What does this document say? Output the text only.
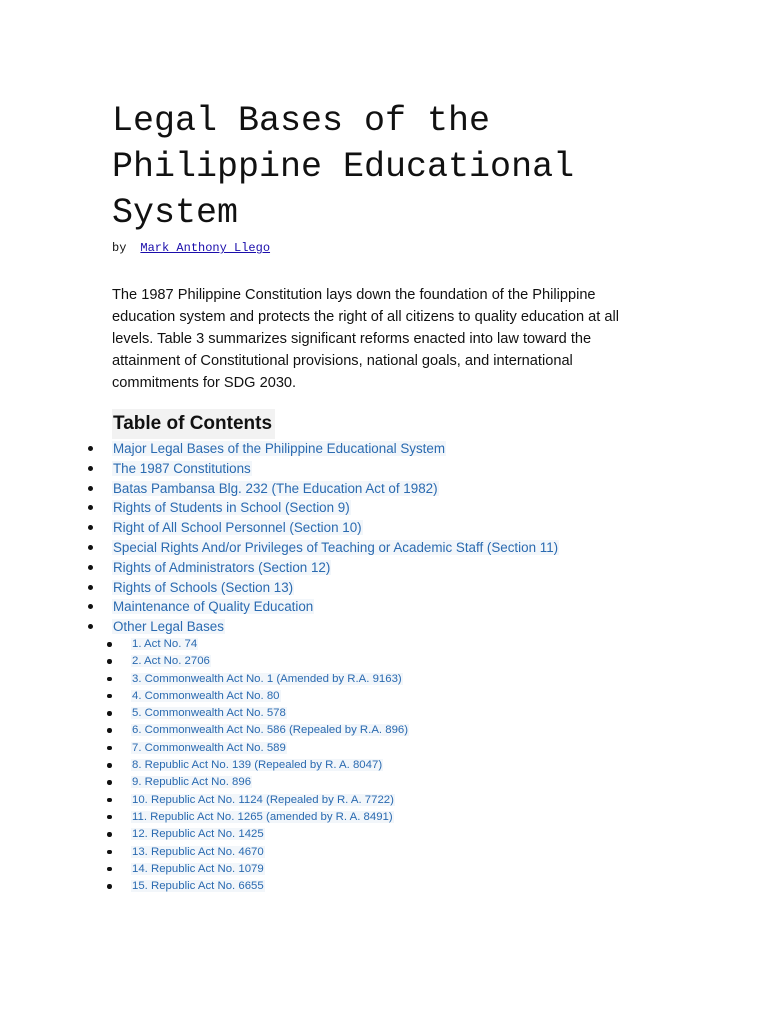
Legal Bases of the Philippine Educational System
by Mark Anthony Llego

The 1987 Philippine Constitution lays down the foundation of the Philippine education system and protects the right of all citizens to quality education at all levels. Table 3 summarizes significant reforms enacted into law toward the attainment of Constitutional provisions, national goals, and international commitments for SDG 2030.

Table of Contents
Major Legal Bases of the Philippine Educational System
The 1987 Constitutions
Batas Pambansa Blg. 232 (The Education Act of 1982)
Rights of Students in School (Section 9)
Right of All School Personnel (Section 10)
Special Rights And/or Privileges of Teaching or Academic Staff (Section 11)
Rights of Administrators (Section 12)
Rights of Schools (Section 13)
Maintenance of Quality Education
Other Legal Bases
1. Act No. 74
2. Act No. 2706
3. Commonwealth Act No. 1 (Amended by R.A. 9163)
4. Commonwealth Act No. 80
5. Commonwealth Act No. 578
6. Commonwealth Act No. 586 (Repealed by R.A. 896)
7. Commonwealth Act No. 589
8. Republic Act No. 139 (Repealed by R. A. 8047)
9. Republic Act No. 896
10. Republic Act No. 1124 (Repealed by R. A. 7722)
11. Republic Act No. 1265 (amended by R. A. 8491)
12. Republic Act No. 1425
13. Republic Act No. 4670
14. Republic Act No. 1079
15. Republic Act No. 6655
